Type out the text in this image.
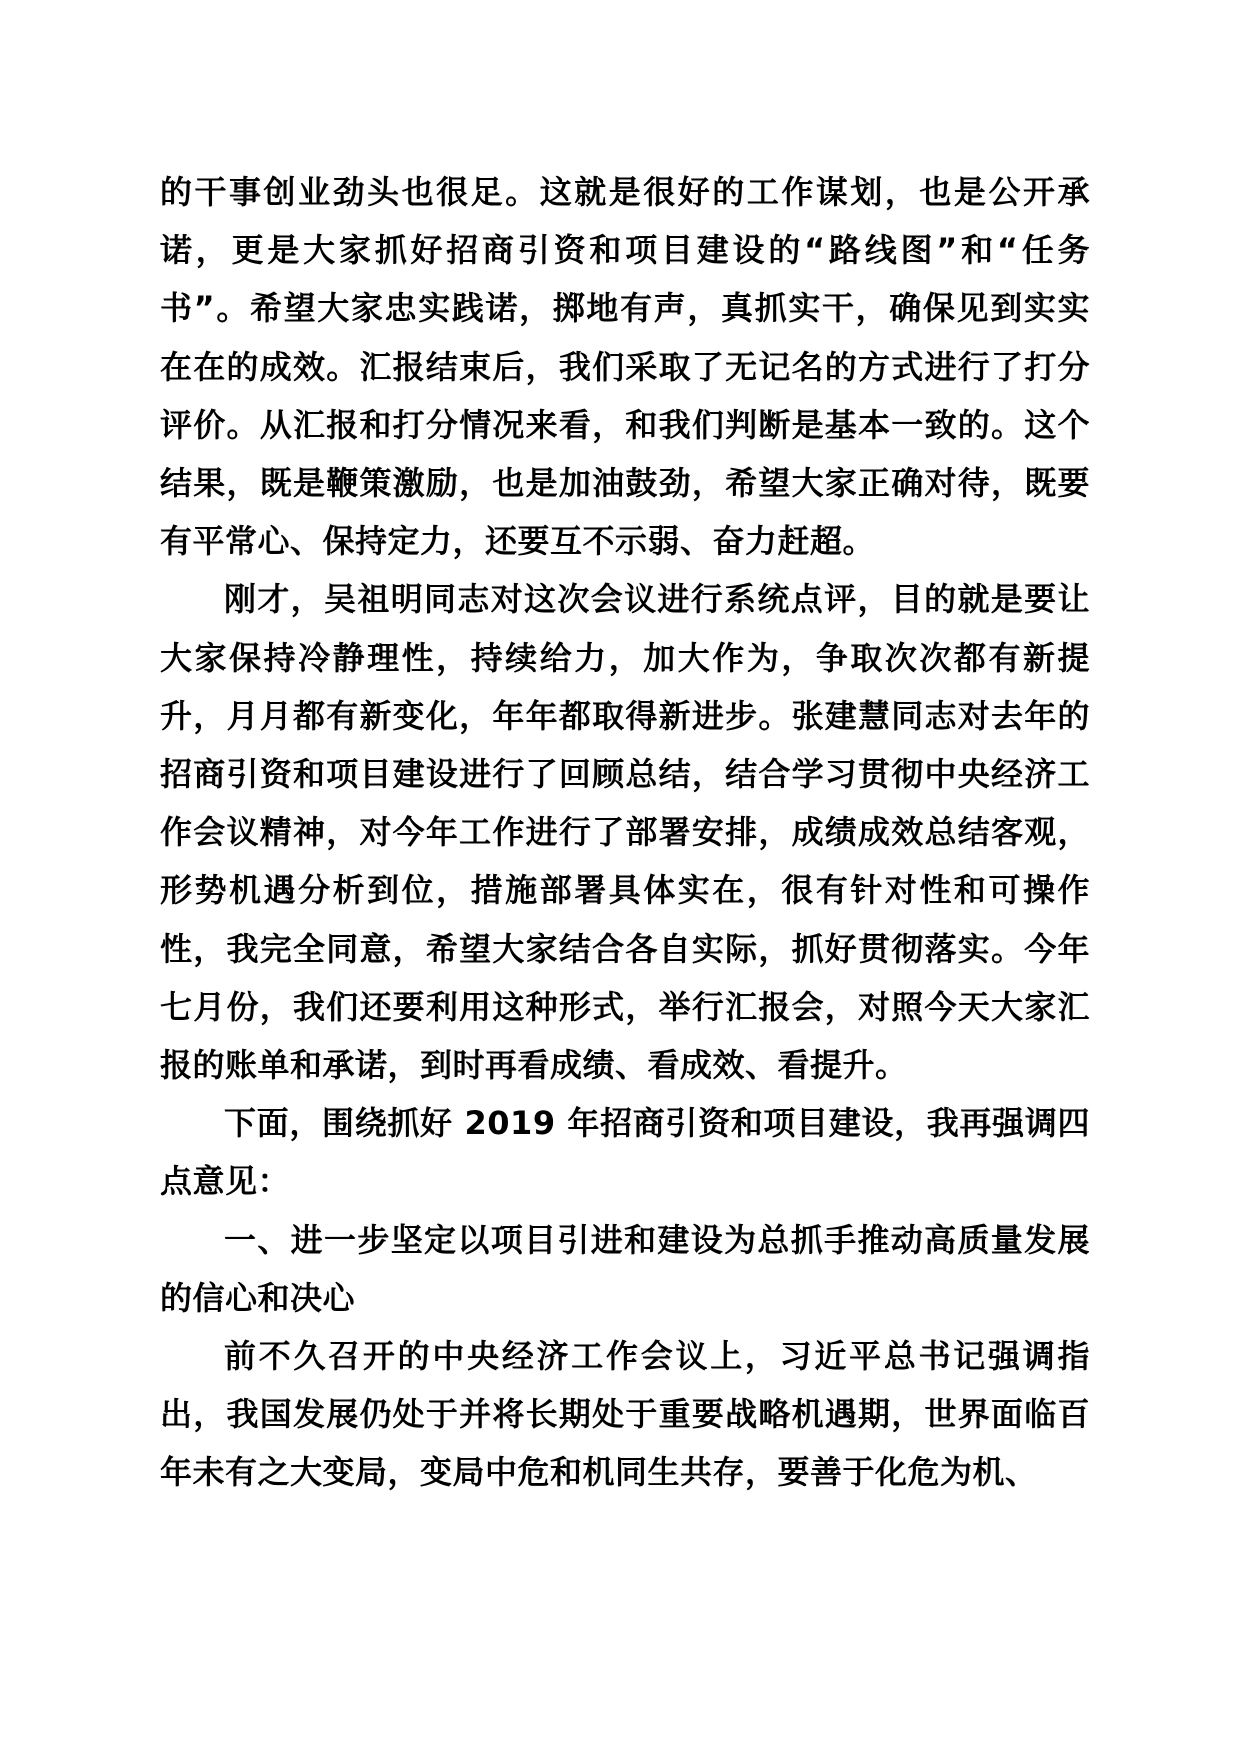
的干事创业劲头也很足。这就是很好的工作谋划，也是公开承诺，更是大家抓好招商引资和项目建设的“路线图”和“任务书”。希望大家忠实践诺，掷地有声，真抓实干，确保见到实实在在的成效。汇报结束后，我们采取了无记名的方式进行了打分评价。从汇报和打分情况来看，和我们判断是基本一致的。这个结果，既是鞭策激励，也是加油鼓劲，希望大家正确对待，既要有平常心、保持定力，还要互不示弱、奋力赶超。

刚才，吴祖明同志对这次会议进行系统点评，目的就是要让大家保持冷静理性，持续给力，加大作为，争取次次都有新提升，月月都有新变化，年年都取得新进步。张建慧同志对去年的招商引资和项目建设进行了回顾总结，结合学习贯彻中央经济工作会议精神，对今年工作进行了部署安排，成绩成效总结客观，形势机遇分析到位，措施部署具体实在，很有针对性和可操作性，我完全同意，希望大家结合各自实际，抓好贯彻落实。今年七月份，我们还要利用这种形式，举行汇报会，对照今天大家汇报的账单和承诺，到时再看成绩、看成效、看提升。

下面，围绕抓好 2019 年招商引资和项目建设，我再强调四点意见：

一、进一步坚定以项目引进和建设为总抓手推动高质量发展的信心和决心

前不久召开的中央经济工作会议上，习近平总书记强调指出，我国发展仍处于并将长期处于重要战略机遇期，世界面临百年未有之大变局，变局中危和机同生共存，要善于化危为机、
